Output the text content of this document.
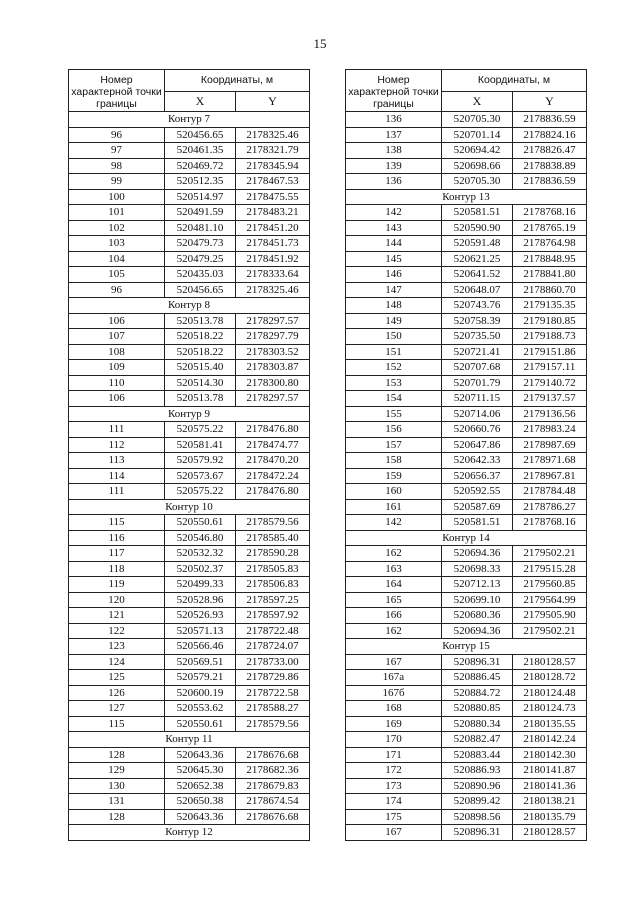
15
Номер характерной точки границы	Координаты, м	
	X	Y
Контур 7		
96	520456.65	2178325.46
97	520461.35	2178321.79
98	520469.72	2178345.94
99	520512.35	2178467.53
100	520514.97	2178475.55
101	520491.59	2178483.21
102	520481.10	2178451.20
103	520479.73	2178451.73
104	520479.25	2178451.92
105	520435.03	2178333.64
96	520456.65	2178325.46
Контур 8		
106	520513.78	2178297.57
107	520518.22	2178297.79
108	520518.22	2178303.52
109	520515.40	2178303.87
110	520514.30	2178300.80
106	520513.78	2178297.57
Контур 9		
111	520575.22	2178476.80
112	520581.41	2178474.77
113	520579.92	2178470.20
114	520573.67	2178472.24
111	520575.22	2178476.80
Контур 10		
115	520550.61	2178579.56
116	520546.80	2178585.40
117	520532.32	2178590.28
118	520502.37	2178505.83
119	520499.33	2178506.83
120	520528.96	2178597.25
121	520526.93	2178597.92
122	520571.13	2178722.48
123	520566.46	2178724.07
124	520569.51	2178733.00
125	520579.21	2178729.86
126	520600.19	2178722.58
127	520553.62	2178588.27
115	520550.61	2178579.56
Контур 11		
128	520643.36	2178676.68
129	520645.30	2178682.36
130	520652.38	2178679.83
131	520650.38	2178674.54
128	520643.36	2178676.68
Контур 12		
Номер характерной точки границы	Координаты, м	
	X	Y
136	520705.30	2178836.59
137	520701.14	2178824.16
138	520694.42	2178826.47
139	520698.66	2178838.89
136	520705.30	2178836.59
Контур 13		
142	520581.51	2178768.16
143	520590.90	2178765.19
144	520591.48	2178764.98
145	520621.25	2178848.95
146	520641.52	2178841.80
147	520648.07	2178860.70
148	520743.76	2179135.35
149	520758.39	2179180.85
150	520735.50	2179188.73
151	520721.41	2179151.86
152	520707.68	2179157.11
153	520701.79	2179140.72
154	520711.15	2179137.57
155	520714.06	2179136.56
156	520660.76	2178983.24
157	520647.86	2178987.69
158	520642.33	2178971.68
159	520656.37	2178967.81
160	520592.55	2178784.48
161	520587.69	2178786.27
142	520581.51	2178768.16
Контур 14		
162	520694.36	2179502.21
163	520698.33	2179515.28
164	520712.13	2179560.85
165	520699.10	2179564.99
166	520680.36	2179505.90
162	520694.36	2179502.21
Контур 15		
167	520896.31	2180128.57
167а	520886.45	2180128.72
167б	520884.72	2180124.48
168	520880.85	2180124.73
169	520880.34	2180135.55
170	520882.47	2180142.24
171	520883.44	2180142.30
172	520886.93	2180141.87
173	520890.96	2180141.36
174	520899.42	2180138.21
175	520898.56	2180135.79
167	520896.31	2180128.57
